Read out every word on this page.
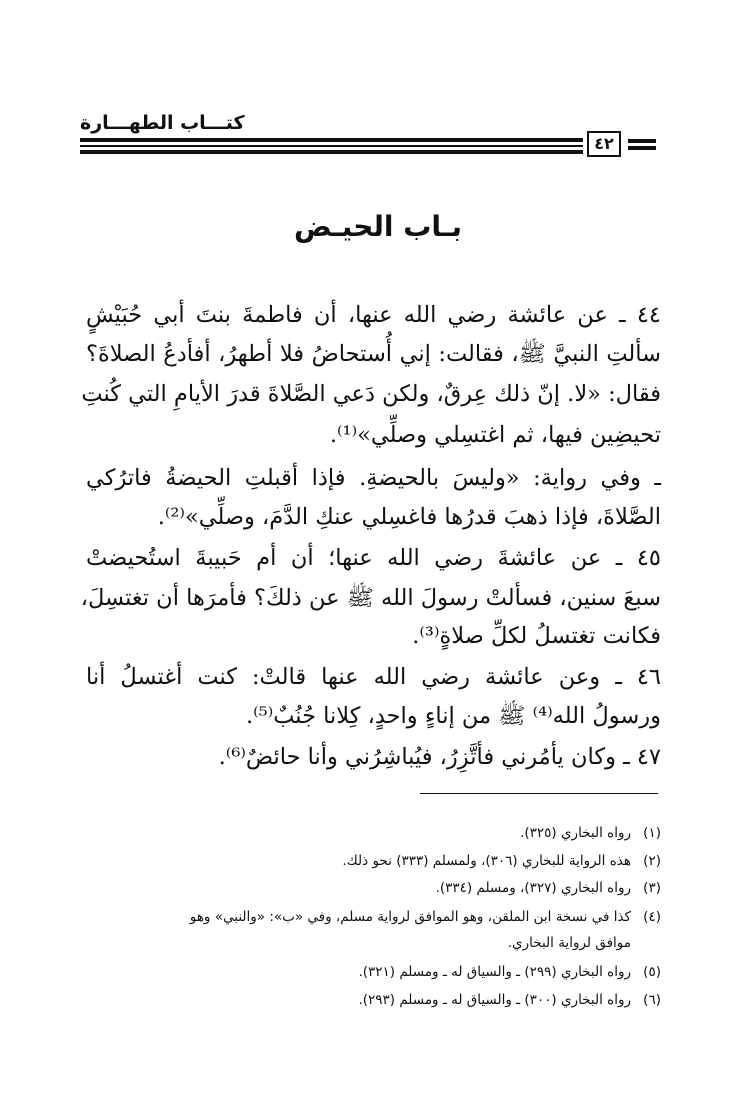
كتـــاب الطهـــارة
٤٢
بـاب الحيـض
٤٤ ـ عن عائشة رضي الله عنها، أن فاطمةَ بنتَ أبي حُبَيْشٍ
سألتِ النبيَّ ﷺ، فقالت: إني أُستحاضُ فلا أطهرُ، أفأدعُ الصلاةَ؟
فقال: «لا. إنّ ذلك عِرقٌ، ولكن دَعي الصَّلاةَ قدرَ الأيامِ التي كُنتِ
تحيضِين فيها، ثم اغتسِلي وصلِّي»⁽¹⁾.
ـ وفي رواية: «وليسَ بالحيضةِ. فإذا أقبلتِ الحيضةُ فاترُكي
الصَّلاةَ، فإذا ذهبَ قدرُها فاغسِلي عنكِ الدَّمَ، وصلِّي»⁽²⁾.
٤٥ ـ عن عائشةَ رضي الله عنها؛ أن أم حَبيبةَ استُحيضتْ
سبعَ سنين، فسألتْ رسولَ الله ﷺ عن ذلكَ؟ فأمرَها أن تغتسِلَ،
فكانت تغتسلُ لكلِّ صلاةٍ⁽³⁾.
٤٦ ـ وعن عائشة رضي الله عنها قالتْ: كنت أغتسلُ أنا
ورسولُ الله⁽⁴⁾ ﷺ من إناءٍ واحدٍ، كِلانا جُنُبٌ⁽⁵⁾.
٤٧ ـ وكان يأمُرني فأتَّزِرُ، فيُباشِرُني وأنا حائضٌ⁽⁶⁾.
(١)رواه البخاري (٣٢٥).
(٢)هذه الرواية للبخاري (٣٠٦)، ولمسلم (٣٣٣) نحو ذلك.
(٣)رواه البخاري (٣٢٧)، ومسلم (٣٣٤).
(٤)كذا في نسخة ابن الملقن، وهو الموافق لرواية مسلم، وفي «ب»: «والنبي» وهو
موافق لرواية البخاري.
(٥)رواه البخاري (٢٩٩) ـ والسياق له ـ ومسلم (٣٢١).
(٦)رواه البخاري (٣٠٠) ـ والسياق له ـ ومسلم (٢٩٣).
